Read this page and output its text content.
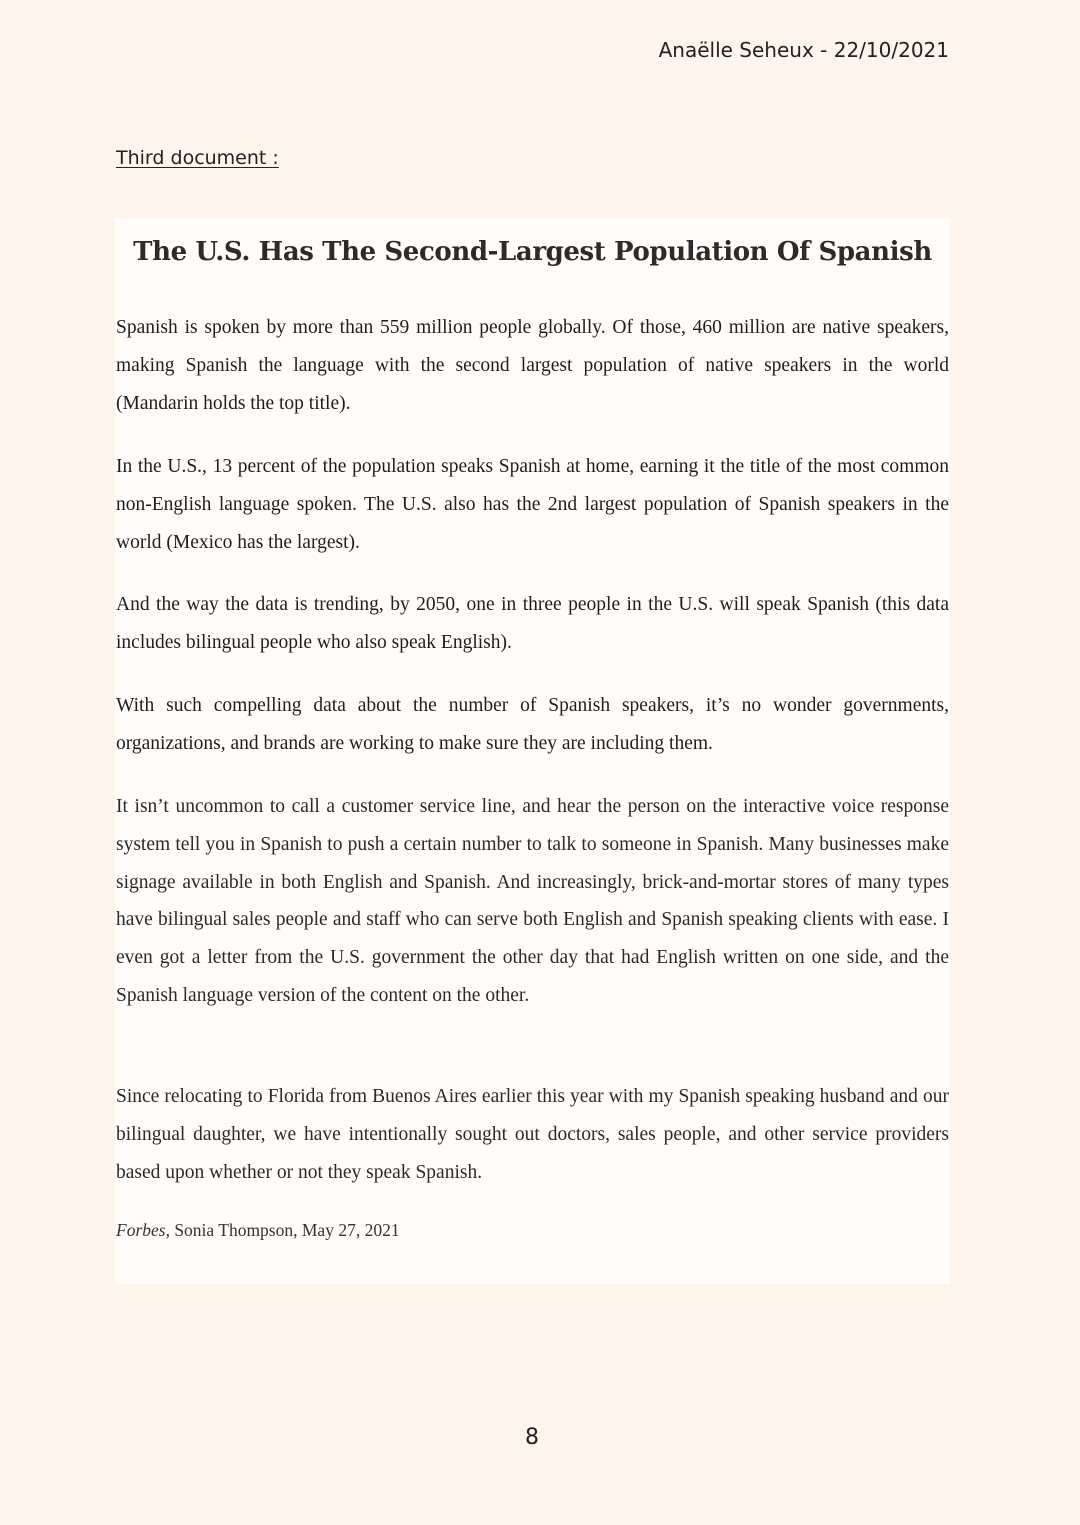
Anaëlle Seheux - 22/10/2021
Third document :
The U.S. Has The Second-Largest Population Of Spanish

Spanish is spoken by more than 559 million people globally. Of those, 460 million are native speakers, making Spanish the language with the second largest population of native speakers in the world (Mandarin holds the top title).

In the U.S., 13 percent of the population speaks Spanish at home, earning it the title of the most common non-English language spoken. The U.S. also has the 2nd largest population of Spanish speakers in the world (Mexico has the largest).

And the way the data is trending, by 2050, one in three people in the U.S. will speak Spanish (this data includes bilingual people who also speak English).

With such compelling data about the number of Spanish speakers, it’s no wonder governments, organizations, and brands are working to make sure they are including them.

It isn’t uncommon to call a customer service line, and hear the person on the interactive voice response system tell you in Spanish to push a certain number to talk to someone in Spanish. Many businesses make signage available in both English and Spanish. And increasingly, brick-and-mortar stores of many types have bilingual sales people and staff who can serve both English and Spanish speaking clients with ease. I even got a letter from the U.S. government the other day that had English written on one side, and the Spanish language version of the content on the other.

Since relocating to Florida from Buenos Aires earlier this year with my Spanish speaking husband and our bilingual daughter, we have intentionally sought out doctors, sales people, and other service providers based upon whether or not they speak Spanish.

Forbes, Sonia Thompson, May 27, 2021

8
